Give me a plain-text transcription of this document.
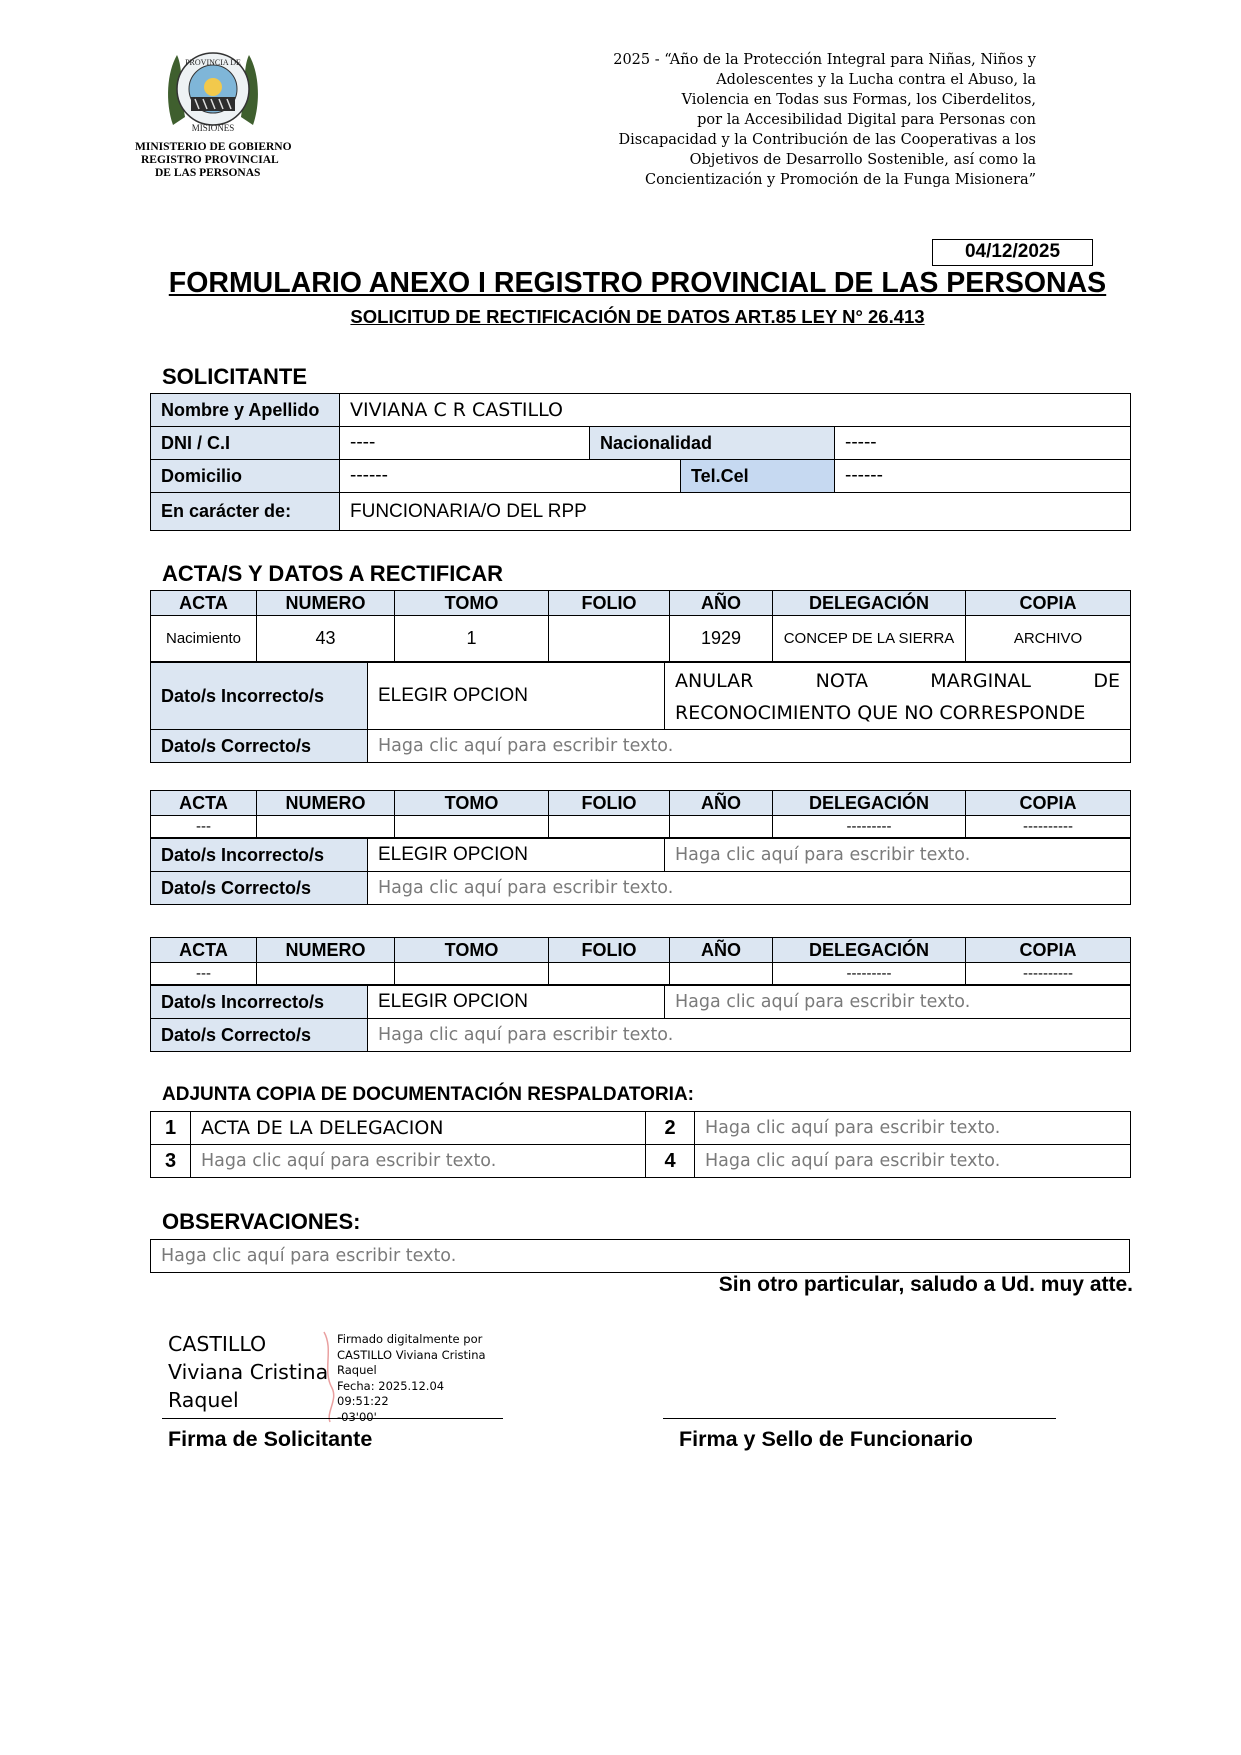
PROVINCIA DE
MISIONES
MINISTERIO DE GOBIERNO
REGISTRO PROVINCIAL
DE LAS PERSONAS
2025 - “Año de la Protección Integral para Niñas, Niños y
Adolescentes y la Lucha contra el Abuso, la
Violencia en Todas sus Formas, los Ciberdelitos,
por la Accesibilidad Digital para Personas con
Discapacidad y la Contribución de las Cooperativas a los
Objetivos de Desarrollo Sostenible, así como la
Concientización y Promoción de la Funga Misionera”
04/12/2025
FORMULARIO ANEXO I REGISTRO PROVINCIAL DE LAS PERSONAS
SOLICITUD DE RECTIFICACIÓN DE DATOS ART.85 LEY N° 26.413
SOLICITANTE
Nombre y Apellido	VIVIANA C R CASTILLO			
DNI / C.I	----	Nacionalidad		-----
Domicilio	------		Tel.Cel	------
En carácter de:	FUNCIONARIA/O DEL RPP			
ACTA/S Y DATOS A RECTIFICAR
ACTA	NUMERO	TOMO	FOLIO	AÑO	DELEGACIÓN	COPIA
Nacimiento	43	1		1929	CONCEP DE LA SIERRA	ARCHIVO
Dato/s Incorrecto/s	ELEGIR OPCION	ANULAR NOTA MARGINAL DE
RECONOCIMIENTO QUE NO CORRESPONDE

Dato/s Correcto/s	Haga clic aquí para escribir texto.	
ACTA	NUMERO	TOMO	FOLIO	AÑO	DELEGACIÓN	COPIA
---					---------	----------
Dato/s Incorrecto/s	ELEGIR OPCION	Haga clic aquí para escribir texto.
Dato/s Correcto/s	Haga clic aquí para escribir texto.	
ACTA	NUMERO	TOMO	FOLIO	AÑO	DELEGACIÓN	COPIA
---					---------	----------
Dato/s Incorrecto/s	ELEGIR OPCION	Haga clic aquí para escribir texto.
Dato/s Correcto/s	Haga clic aquí para escribir texto.	
ADJUNTA COPIA DE DOCUMENTACIÓN RESPALDATORIA:
1	ACTA DE LA DELEGACION	2	Haga clic aquí para escribir texto.
3	Haga clic aquí para escribir texto.	4	Haga clic aquí para escribir texto.
OBSERVACIONES:
Haga clic aquí para escribir texto.
Sin otro particular, saludo a Ud. muy atte.
CASTILLO
Viviana Cristina
Raquel
Firmado digitalmente por
CASTILLO Viviana Cristina
Raquel
Fecha: 2025.12.04 09:51:22
-03'00'
Firma de Solicitante	Firma y Sello de Funcionario
